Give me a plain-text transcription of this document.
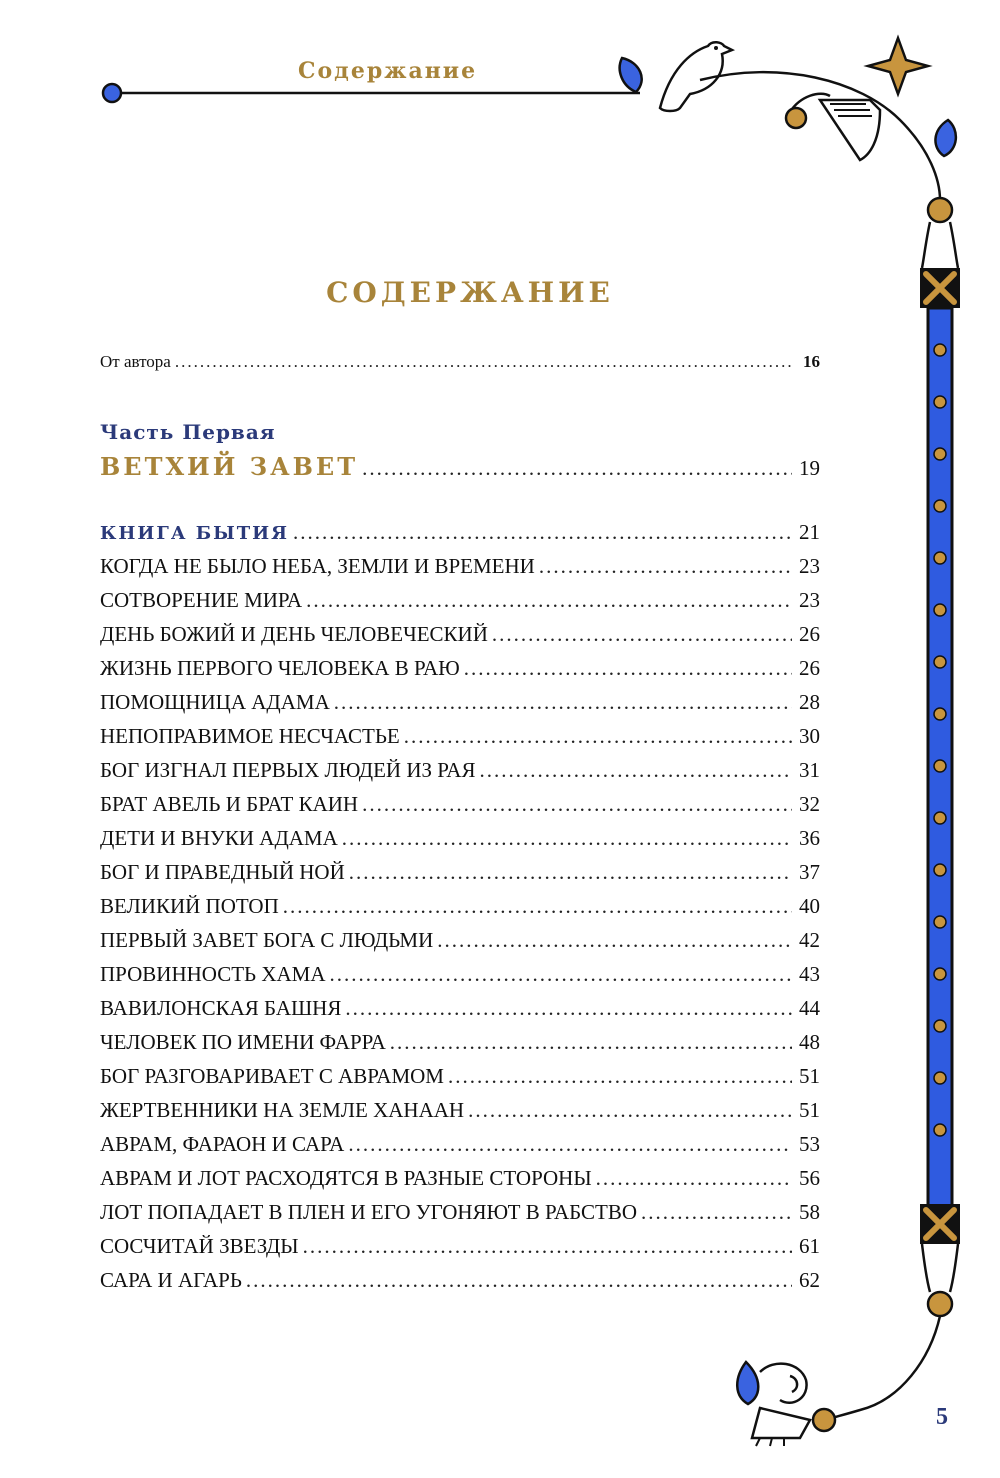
Содержание
СОДЕРЖАНИЕ
От автора .....	16
Часть Первая
ВЕТХИЙ ЗАВЕТ .....	19
КНИГА БЫТИЯ .....	21
КОГДА НЕ БЫЛО НЕБА, ЗЕМЛИ И ВРЕМЕНИ .....	23
СОТВОРЕНИЕ МИРА .....	23
ДЕНЬ БОЖИЙ И ДЕНЬ ЧЕЛОВЕЧЕСКИЙ .....	26
ЖИЗНЬ ПЕРВОГО ЧЕЛОВЕКА В РАЮ .....	26
ПОМОЩНИЦА АДАМА .....	28
НЕПОПРАВИМОЕ НЕСЧАСТЬЕ .....	30
БОГ ИЗГНАЛ ПЕРВЫХ ЛЮДЕЙ ИЗ РАЯ .....	31
БРАТ АВЕЛЬ И БРАТ КАИН .....	32
ДЕТИ И ВНУКИ АДАМА .....	36
БОГ И ПРАВЕДНЫЙ НОЙ .....	37
ВЕЛИКИЙ ПОТОП .....	40
ПЕРВЫЙ ЗАВЕТ БОГА С ЛЮДЬМИ .....	42
ПРОВИННОСТЬ ХАМА .....	43
ВАВИЛОНСКАЯ БАШНЯ .....	44
ЧЕЛОВЕК ПО ИМЕНИ ФАРРА .....	48
БОГ РАЗГОВАРИВАЕТ С АВРАМОМ .....	51
ЖЕРТВЕННИКИ НА ЗЕМЛЕ ХАНААН .....	51
АВРАМ, ФАРАОН И САРА .....	53
АВРАМ И ЛОТ РАСХОДЯТСЯ В РАЗНЫЕ СТОРОНЫ .....	56
ЛОТ ПОПАДАЕТ В ПЛЕН И ЕГО УГОНЯЮТ В РАБСТВО .....	58
СОСЧИТАЙ ЗВЕЗДЫ .....	61
САРА И АГАРЬ .....	62
5
